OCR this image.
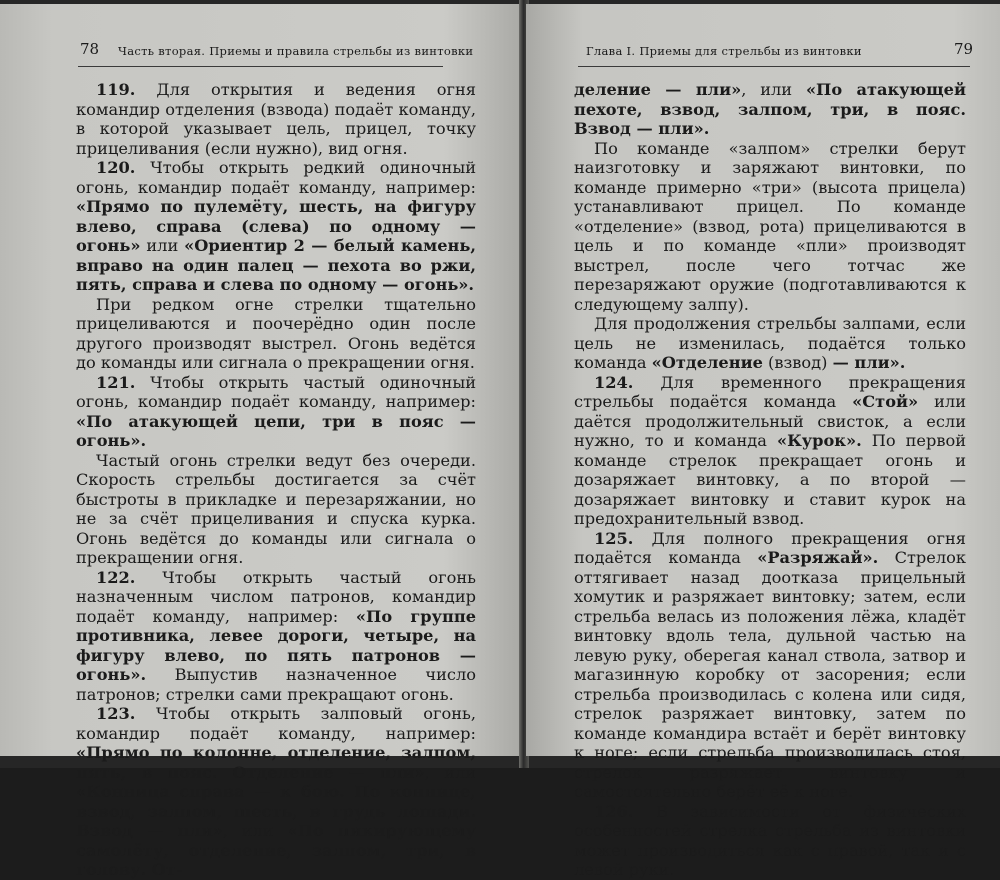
78 Часть вторая. Приемы и правила стрельбы из винтовки

119. Для открытия и ведения огня командир отделения (взвода) подаёт команду, в которой указывает цель, прицел, точку прицеливания (если нужно), вид огня.

120. Чтобы открыть редкий одиночный огонь, командир подаёт команду, например: «Прямо по пулемёту, шесть, на фигуру влево, справа (слева) по одному — огонь» или «Ориентир 2 — белый камень, вправо на один палец — пехота во ржи, пять, справа и слева по одному — огонь».

При редком огне стрелки тщательно прицеливаются и поочерёдно один после другого производят выстрел. Огонь ведётся до команды или сигнала о прекращении огня.

121. Чтобы открыть частый одиночный огонь, командир подаёт команду, например: «По атакующей цепи, три в пояс — огонь».

Частый огонь стрелки ведут без очереди. Скорость стрельбы достигается за счёт быстроты в прикладке и перезаряжании, но не за счёт прицеливания и спуска курка. Огонь ведётся до команды или сигнала о прекращении огня.

122. Чтобы открыть частый огонь назначенным числом патронов, командир подаёт команду, например: «По группе противника, левее дороги, четыре, на фигуру влево, по пять патронов — огонь». Выпустив назначенное число патронов; стрелки сами прекращают огонь.

123. Чтобы открыть залповый огонь, командир подаёт команду, например: «Прямо по колонне, отделение, залпом, пять, в пояс. Отделение — пли», или «Конница справа — к бою. По коннице, взвод, залпом, шесть, в грудь лошади. Взвод — пли», или «По пикирующему самолёту, отделение, залпом, три, в голову. От-

Глава I. Приемы для стрельбы из винтовки	79

деление — пли», или «По атакующей пехоте, взвод, залпом, три, в пояс. Взвод — пли».

По команде «залпом» стрелки берут наизготовку и заряжают винтовки, по команде примерно «три» (высота прицела) устанавливают прицел. По команде «отделение» (взвод, рота) прицеливаются в цель и по команде «пли» производят выстрел, после чего тотчас же перезаряжают оружие (подготавливаются к следующему залпу).

Для продолжения стрельбы залпами, если цель не изменилась, подаётся только команда «Отделение (взвод) — пли».

124. Для временного прекращения стрельбы подаётся команда «Стой» или даётся продолжительный свисток, а если нужно, то и команда «Курок». По первой команде стрелок прекращает огонь и дозаряжает винтовку, а по второй — дозаряжает винтовку и ставит курок на предохранительный взвод.

125. Для полного прекращения огня подаётся команда «Разряжай». Стрелок оттягивает назад доотказа прицельный хомутик и разряжает винтовку; затем, если стрельба велась из положения лёжа, кладёт винтовку вдоль тела, дульной частью на левую руку, оберегая канал ствола, затвор и магазинную коробку от засорения; если стрельба производилась с колена или сидя, стрелок разряжает винтовку, затем по команде командира встаёт и берёт винтовку к ноге; если стрельба производилась стоя, стрелок разряжает винтовку и самостоятельно берёт её к ноге.

126. В зависимости от физических особенностей стрелка стрельба из винтовки может производиться как с правой, так и с левой руки.
